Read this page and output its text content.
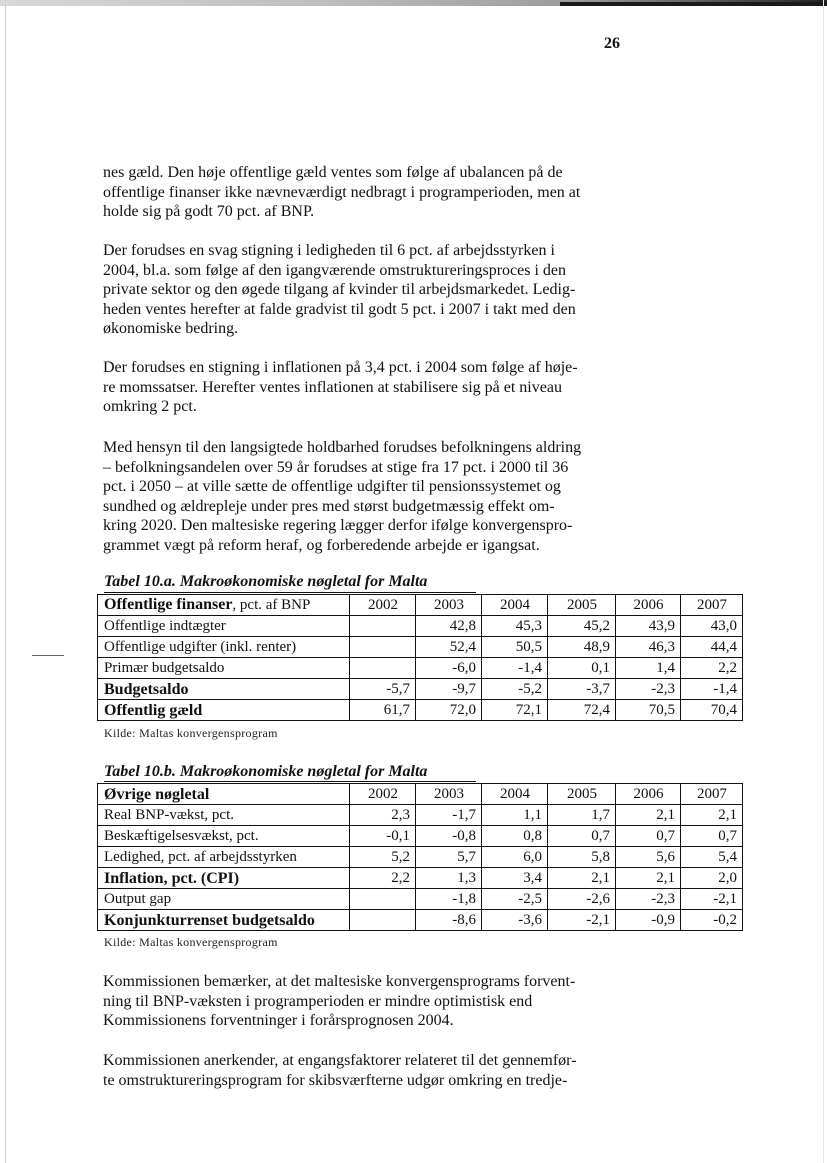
26
nes gæld. Den høje offentlige gæld ventes som følge af ubalancen på de
offentlige finanser ikke nævneværdigt nedbragt i programperioden, men at
holde sig på godt 70 pct. af BNP.
Der forudses en svag stigning i ledigheden til 6 pct. af arbejdsstyrken i
2004, bl.a. som følge af den igangværende omstruktureringsproces i den
private sektor og den øgede tilgang af kvinder til arbejdsmarkedet. Ledig-
heden ventes herefter at falde gradvist til godt 5 pct. i 2007 i takt med den
økonomiske bedring.
Der forudses en stigning i inflationen på 3,4 pct. i 2004 som følge af høje-
re momssatser. Herefter ventes inflationen at stabilisere sig på et niveau
omkring 2 pct.
Med hensyn til den langsigtede holdbarhed forudses befolkningens aldring
– befolkningsandelen over 59 år forudses at stige fra 17 pct. i 2000 til 36
pct. i 2050 – at ville sætte de offentlige udgifter til pensionssystemet og
sundhed og ældrepleje under pres med størst budgetmæssig effekt om-
kring 2020. Den maltesiske regering lægger derfor ifølge konvergenspro-
grammet vægt på reform heraf, og forberedende arbejde er igangsat.
Tabel 10.a. Makroøkonomiske nøgletal for Malta
Offentlige finanser, pct. af BNP	2002	2003	2004	2005	2006	2007
Offentlige indtægter		42,8	45,3	45,2	43,9	43,0
Offentlige udgifter (inkl. renter)		52,4	50,5	48,9	46,3	44,4
Primær budgetsaldo		-6,0	-1,4	0,1	1,4	2,2
Budgetsaldo	-5,7	-9,7	-5,2	-3,7	-2,3	-1,4
Offentlig gæld	61,7	72,0	72,1	72,4	70,5	70,4
Kilde: Maltas konvergensprogram
Tabel 10.b. Makroøkonomiske nøgletal for Malta
Øvrige nøgletal	2002	2003	2004	2005	2006	2007
Real BNP-vækst, pct.	2,3	-1,7	1,1	1,7	2,1	2,1
Beskæftigelsesvækst, pct.	-0,1	-0,8	0,8	0,7	0,7	0,7
Ledighed, pct. af arbejdsstyrken	5,2	5,7	6,0	5,8	5,6	5,4
Inflation, pct. (CPI)	2,2	1,3	3,4	2,1	2,1	2,0
Output gap		-1,8	-2,5	-2,6	-2,3	-2,1
Konjunkturrenset budgetsaldo		-8,6	-3,6	-2,1	-0,9	-0,2
Kilde: Maltas konvergensprogram
Kommissionen bemærker, at det maltesiske konvergensprograms forvent-
ning til BNP-væksten i programperioden er mindre optimistisk end
Kommissionens forventninger i forårsprognosen 2004.
Kommissionen anerkender, at engangsfaktorer relateret til det gennemfør-
te omstruktureringsprogram for skibsværfterne udgør omkring en tredje-
